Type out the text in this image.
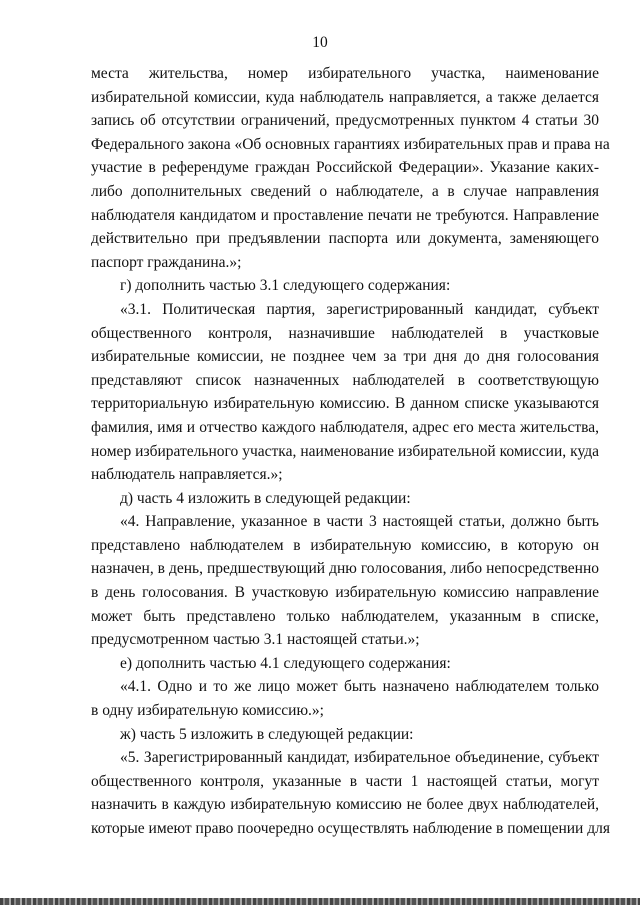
10
места жительства, номер избирательного участка, наименование
избирательной комиссии, куда наблюдатель направляется, а также делается
запись об отсутствии ограничений, предусмотренных пунктом 4 статьи 30
Федерального закона «Об основных гарантиях избирательных прав и права на
участие в референдуме граждан Российской Федерации». Указание каких-
либо дополнительных сведений о наблюдателе, а в случае направления
наблюдателя кандидатом и проставление печати не требуются. Направление
действительно при предъявлении паспорта или документа, заменяющего
паспорт гражданина.»;
г) дополнить частью 3.1 следующего содержания:
«3.1. Политическая партия, зарегистрированный кандидат, субъект
общественного контроля, назначившие наблюдателей в участковые
избирательные комиссии, не позднее чем за три дня до дня голосования
представляют список назначенных наблюдателей в соответствующую
территориальную избирательную комиссию. В данном списке указываются
фамилия, имя и отчество каждого наблюдателя, адрес его места жительства,
номер избирательного участка, наименование избирательной комиссии, куда
наблюдатель направляется.»;
д) часть 4 изложить в следующей редакции:
«4. Направление, указанное в части 3 настоящей статьи, должно быть
представлено наблюдателем в избирательную комиссию, в которую он
назначен, в день, предшествующий дню голосования, либо непосредственно
в день голосования. В участковую избирательную комиссию направление
может быть представлено только наблюдателем, указанным в списке,
предусмотренном частью 3.1 настоящей статьи.»;
е) дополнить частью 4.1 следующего содержания:
«4.1. Одно и то же лицо может быть назначено наблюдателем только
в одну избирательную комиссию.»;
ж) часть 5 изложить в следующей редакции:
«5. Зарегистрированный кандидат, избирательное объединение, субъект
общественного контроля, указанные в части 1 настоящей статьи, могут
назначить в каждую избирательную комиссию не более двух наблюдателей,
которые имеют право поочередно осуществлять наблюдение в помещении для
